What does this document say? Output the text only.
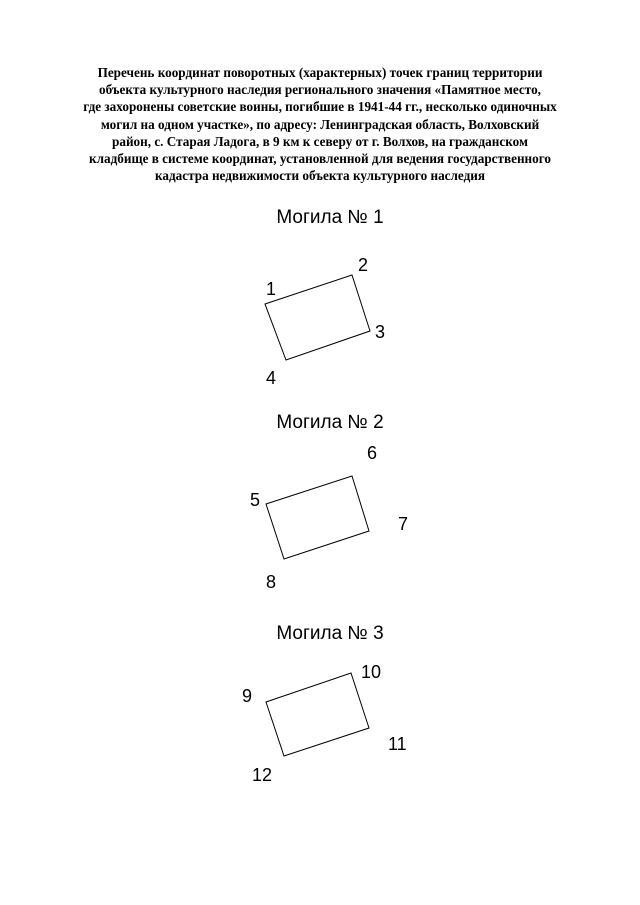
Перечень координат поворотных (характерных) точек границ территории
объекта культурного наследия регионального значения «Памятное место,
где захоронены советские воины, погибшие в 1941-44 гг., несколько одиночных
могил на одном участке», по адресу: Ленинградская область, Волховский
район, с. Старая Ладога, в 9 км к северу от г. Волхов, на гражданском
кладбище в системе координат, установленной для ведения государственного
кадастра недвижимости объекта культурного наследия
Могила № 1
1
2
3
4
Могила № 2
5
6
7
8
Могила № 3
9
10
11
12
